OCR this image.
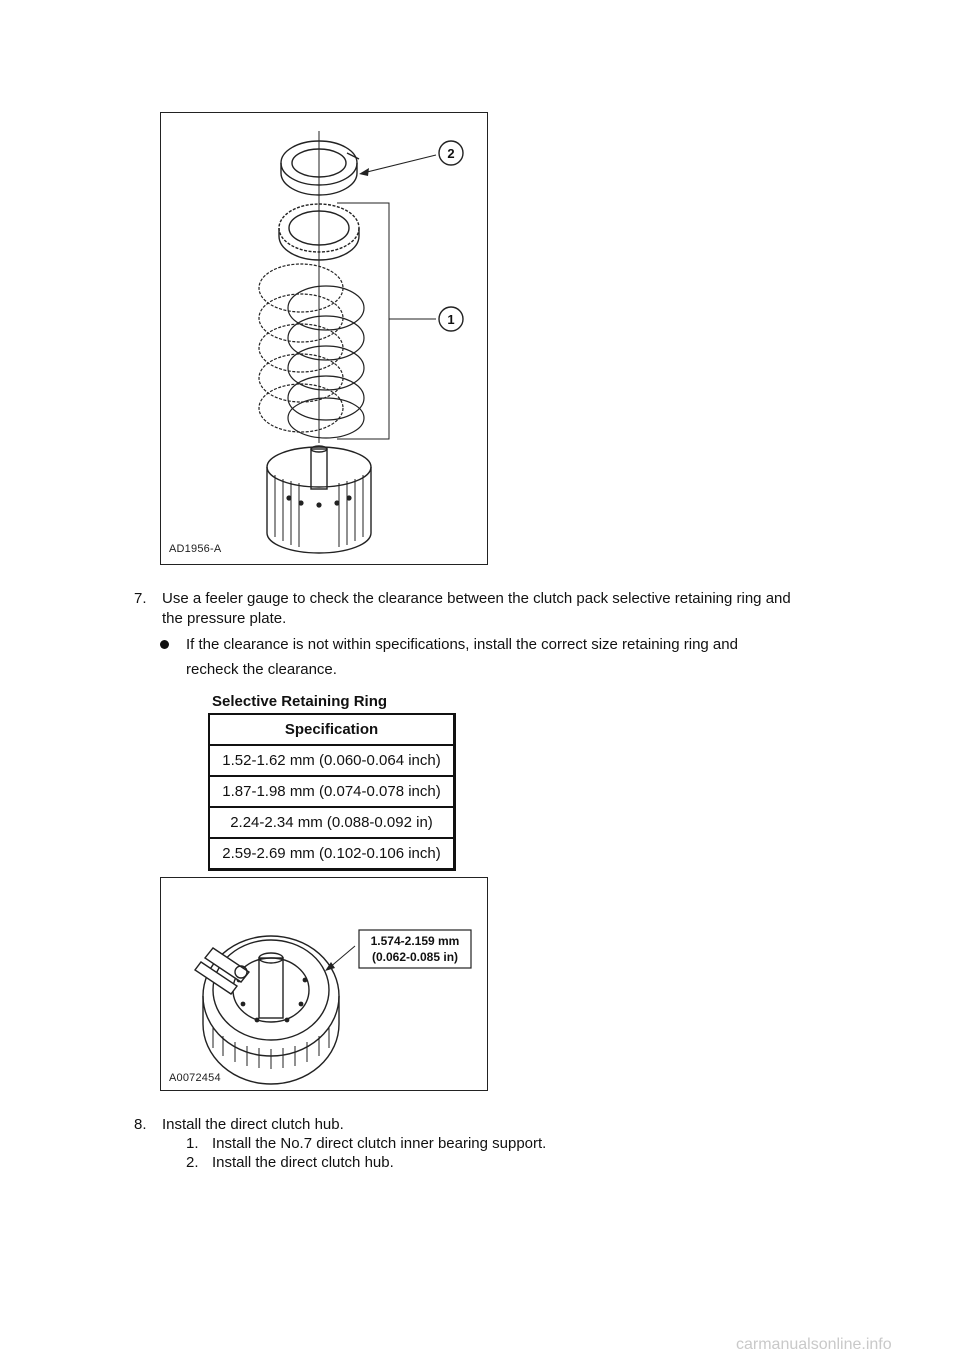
2
1
AD1956-A
7. Use a feeler gauge to check the clearance between the clutch pack selective retaining ring and
the pressure plate.
If the clearance is not within specifications, install the correct size retaining ring and
recheck the clearance.
Selective Retaining Ring
Specification
1.52-1.62 mm (0.060-0.064 inch)
1.87-1.98 mm (0.074-0.078 inch)
2.24-2.34 mm (0.088-0.092 in)
2.59-2.69 mm (0.102-0.106 inch)
1.574-2.159 mm
(0.062-0.085 in)
A0072454
8. Install the direct clutch hub.
1. Install the No.7 direct clutch inner bearing support.
2. Install the direct clutch hub.
carmanualsonline.info
